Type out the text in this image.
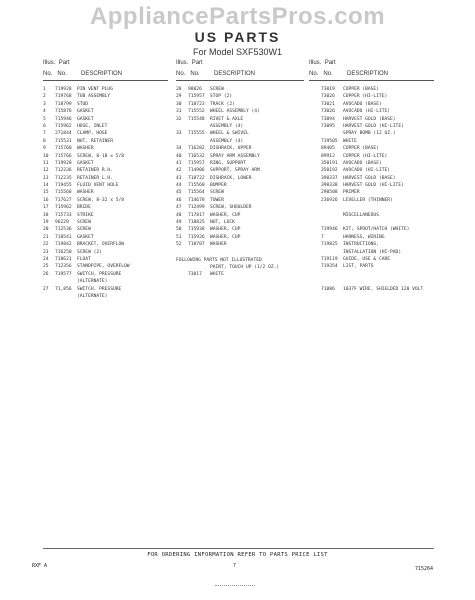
AppliancePartsPros.com
US PARTS
For Model SXF530W1
Illus. Part
No. No. DESCRIPTION
1	719928	PIN VENT PLUG
2	719768	TUB ASSEMBLY
3	718799	STUD
4	715876	GASKET
5	715946	GASKET
6	715962	HOSE, INLET
7	271844	CLAMP, HOSE
8	715531	NUT, RETAINER
9	715760	WASHER
10	715766	SCREW, 8-18 x 5/8
11	719928	GASKET
12	712236	RETAINER R.H.
13	712235	RETAINER L.H.
14	719455	FLUID VENT HOLE
15	715568	WASHER
16	717627	SCREW, 8-32 x 5/8
17	715962	BRIDE
18	715733	STRIKE
19	96229	SCREW
20	712536	SCREW
21	718541	GASKET
22	719842	BRACKET, OVERFLOW
23	716250	SCREW (2)
24	718621	FLOAT
25	712356	STANDPIPE, OVERFLOW
26	719577	SWITCH, PRESSURE
(ALTERNATE)
27	71,856	SWITCH, PRESSURE
(ALTERNATE)
Illus. Part
No. No. DESCRIPTION
28	98826	SCREW
29	715957	STOP (2)
30	718723	TRACK (2)
31	715552	WHEEL ASSEMBLY (4)
32	715548	RIVET & AXLE
ASSEMBLY (4)
33	715555	WHEEL & SWIVEL
ASSEMBLY (4)
34	716282	DISHRACK, UPPER
40	716532	SPRAY ARM ASSEMBLY
41	715957	RING, SUPPORT
42	714906	SUPPORT, SPRAY ARM
43	718722	DISHRACK, LOWER
44	715560	BUMPER
45	715564	SCREW
46	714678	TOWER
47	712499	SCREW, SHOULDER
48	717817	WASHER, CUP
49	718825	NUT, LOCK
50	715938	WASHER, CUP
51	715926	WASHER, CUP
52	718707	WASHER
FOLLOWING PARTS NOT ILLUSTRATED
PAINT, TOUCH UP (1/2 OZ.)
73017	WHITE
Illus. Part
No. No. DESCRIPTION
73019	COPPER (BASE)
73026	COPPER (HI-LITE)
73021	AVOCADO (BASE)
73026	AVOCADO (HI-LITE)
73094	HARVEST GOLD (BASE)
73095	HARVEST GOLD (HI-LITE)
SPRAY BOMB (12 OZ.)
719505	WHITE
89405	COPPER (BASE)
89912	COPPER (HI-LITE)
350191	AVOCADO (BASE)
350192	AVOCADO (HI-LITE)
390337	HARVEST GOLD (BASE)
390338	HARVEST GOLD (HI-LITE)
290508	PRIMER
236926	LEVELLER (THINNER)
MISCELLANEOUS
719946	KIT, SPOUT/HATCH (WHITE)
7	HARNESS, WIRING
719825	INSTRUCTIONS,
INSTALLATION (HI-PAD)
719119	GUIDE, USE & CARE
719354	LIST, PARTS
71086	1037F WIRE, SHIELDED 120 VOLT
FOR ORDERING INFORMATION REFER TO PARTS PRICE LIST
RXF A	7	715264
